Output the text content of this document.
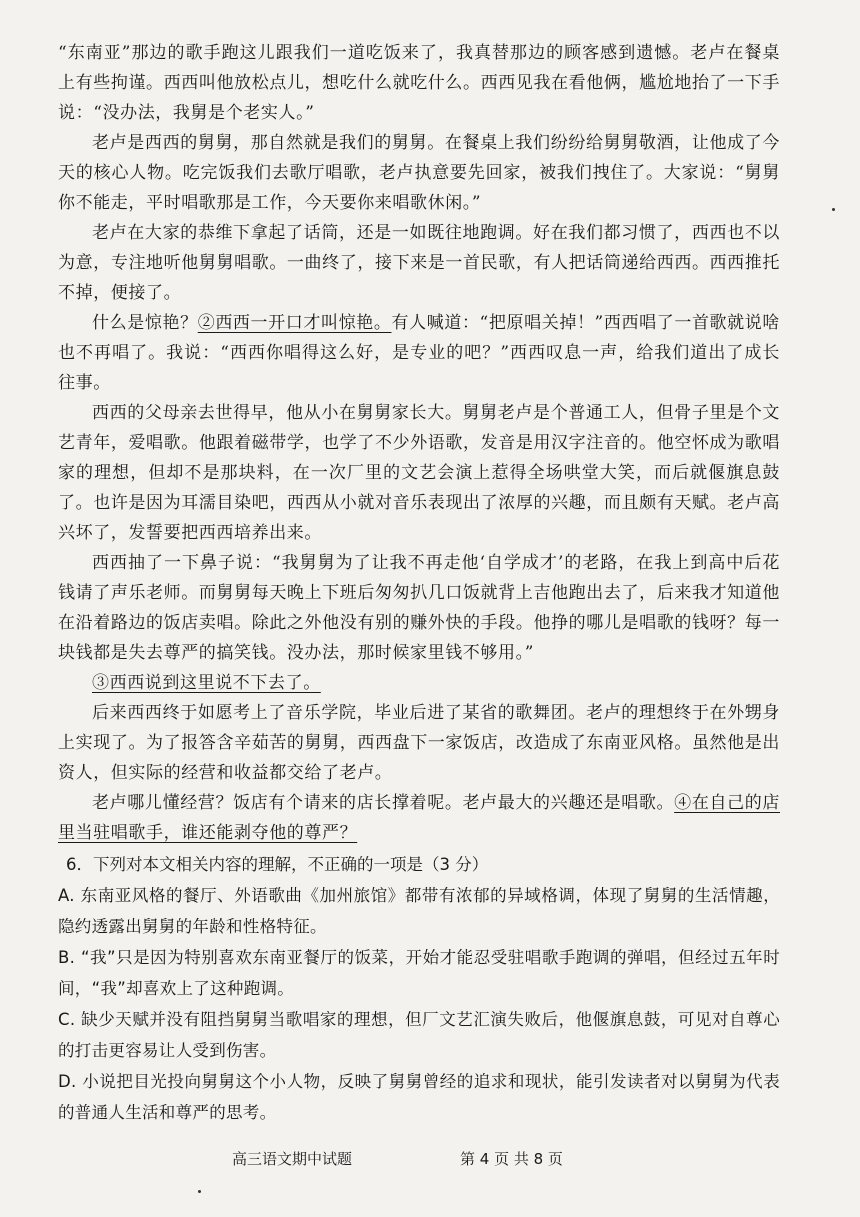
“东南亚”那边的歌手跑这儿跟我们一道吃饭来了，我真替那边的顾客感到遗憾。老卢在餐桌上有些拘谨。西西叫他放松点儿，想吃什么就吃什么。西西见我在看他俩，尴尬地抬了一下手说：“没办法，我舅是个老实人。”

老卢是西西的舅舅，那自然就是我们的舅舅。在餐桌上我们纷纷给舅舅敬酒，让他成了今天的核心人物。吃完饭我们去歌厅唱歌，老卢执意要先回家，被我们拽住了。大家说：“舅舅你不能走，平时唱歌那是工作，今天要你来唱歌休闲。”

老卢在大家的恭维下拿起了话筒，还是一如既往地跑调。好在我们都习惯了，西西也不以为意，专注地听他舅舅唱歌。一曲终了，接下来是一首民歌，有人把话筒递给西西。西西推托不掉，便接了。

什么是惊艳？②西西一开口才叫惊艳。有人喊道：“把原唱关掉！”西西唱了一首歌就说啥也不再唱了。我说：“西西你唱得这么好，是专业的吧？”西西叹息一声，给我们道出了成长往事。

西西的父母亲去世得早，他从小在舅舅家长大。舅舅老卢是个普通工人，但骨子里是个文艺青年，爱唱歌。他跟着磁带学，也学了不少外语歌，发音是用汉字注音的。他空怀成为歌唱家的理想，但却不是那块料，在一次厂里的文艺会演上惹得全场哄堂大笑，而后就偃旗息鼓了。也许是因为耳濡目染吧，西西从小就对音乐表现出了浓厚的兴趣，而且颇有天赋。老卢高兴坏了，发誓要把西西培养出来。

西西抽了一下鼻子说：“我舅舅为了让我不再走他‘自学成才’的老路，在我上到高中后花钱请了声乐老师。而舅舅每天晚上下班后匆匆扒几口饭就背上吉他跑出去了，后来我才知道他在沿着路边的饭店卖唱。除此之外他没有别的赚外快的手段。他挣的哪儿是唱歌的钱呀？每一块钱都是失去尊严的搞笑钱。没办法，那时候家里钱不够用。”

③西西说到这里说不下去了。

后来西西终于如愿考上了音乐学院，毕业后进了某省的歌舞团。老卢的理想终于在外甥身上实现了。为了报答含辛茹苦的舅舅，西西盘下一家饭店，改造成了东南亚风格。虽然他是出资人，但实际的经营和收益都交给了老卢。

老卢哪儿懂经营？饭店有个请来的店长撑着呢。老卢最大的兴趣还是唱歌。④在自己的店里当驻唱歌手，谁还能剥夺他的尊严？

6．下列对本文相关内容的理解，不正确的一项是（3 分）

A. 东南亚风格的餐厅、外语歌曲《加州旅馆》都带有浓郁的异域格调，体现了舅舅的生活情趣，隐约透露出舅舅的年龄和性格特征。

B. “我”只是因为特别喜欢东南亚餐厅的饭菜，开始才能忍受驻唱歌手跑调的弹唱，但经过五年时间，“我”却喜欢上了这种跑调。

C. 缺少天赋并没有阻挡舅舅当歌唱家的理想，但厂文艺汇演失败后，他偃旗息鼓，可见对自尊心的打击更容易让人受到伤害。

D. 小说把目光投向舅舅这个小人物，反映了舅舅曾经的追求和现状，能引发读者对以舅舅为代表的普通人生活和尊严的思考。

高三语文期中试题	第 4 页 共 8 页
